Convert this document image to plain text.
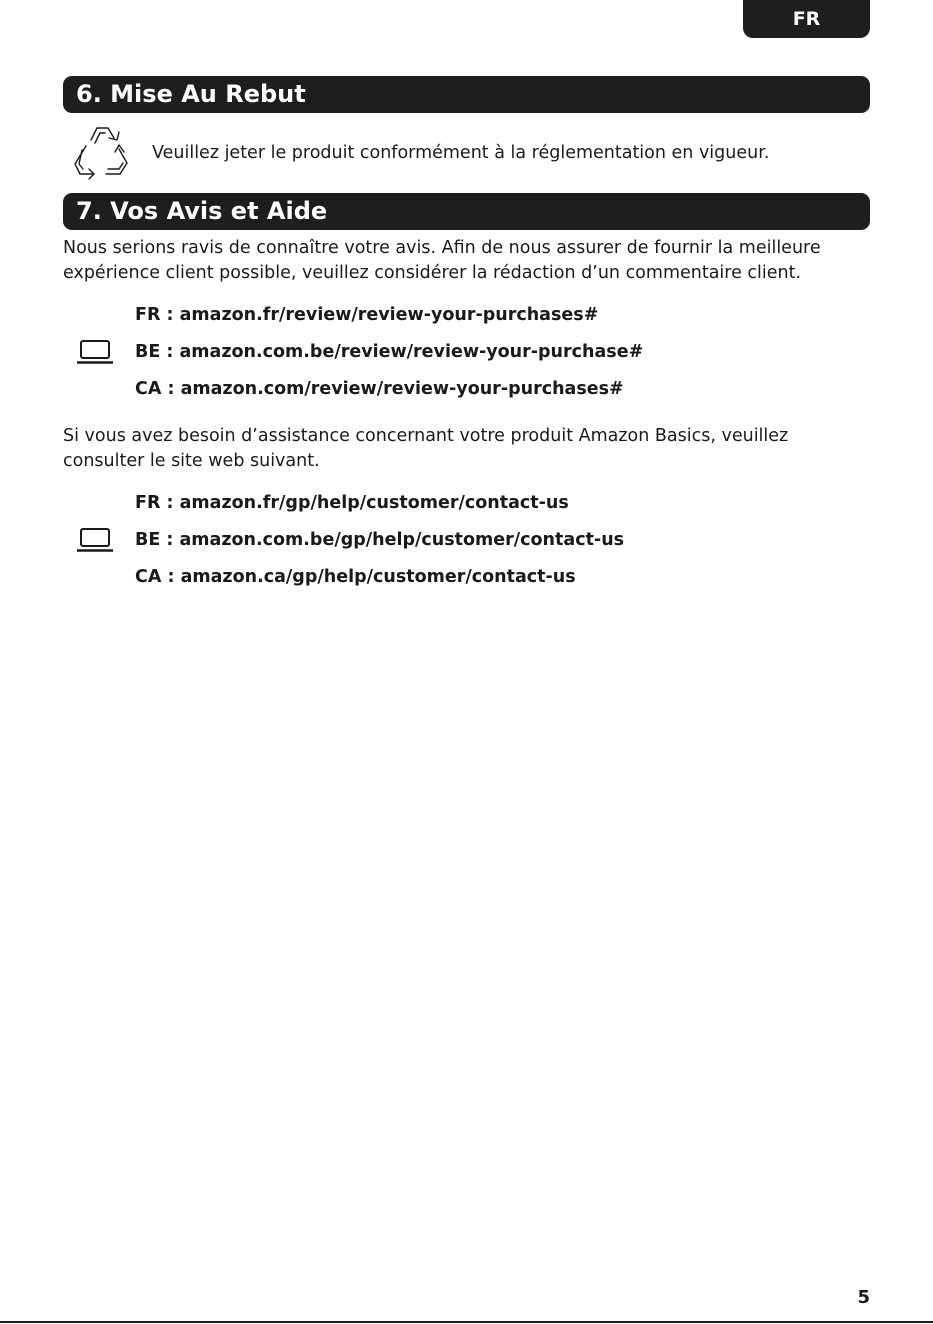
FR
6. Mise Au Rebut
Veuillez jeter le produit conformément à la réglementation en vigueur.
7. Vos Avis et Aide
Nous serions ravis de connaître votre avis. Afin de nous assurer de fournir la meilleure expérience client possible, veuillez considérer la rédaction d’un commentaire client.
FR : amazon.fr/review/review-your-purchases#
BE : amazon.com.be/review/review-your-purchase#
CA : amazon.com/review/review-your-purchases#
Si vous avez besoin d’assistance concernant votre produit Amazon Basics, veuillez consulter le site web suivant.
FR : amazon.fr/gp/help/customer/contact-us
BE : amazon.com.be/gp/help/customer/contact-us
CA : amazon.ca/gp/help/customer/contact-us
5
